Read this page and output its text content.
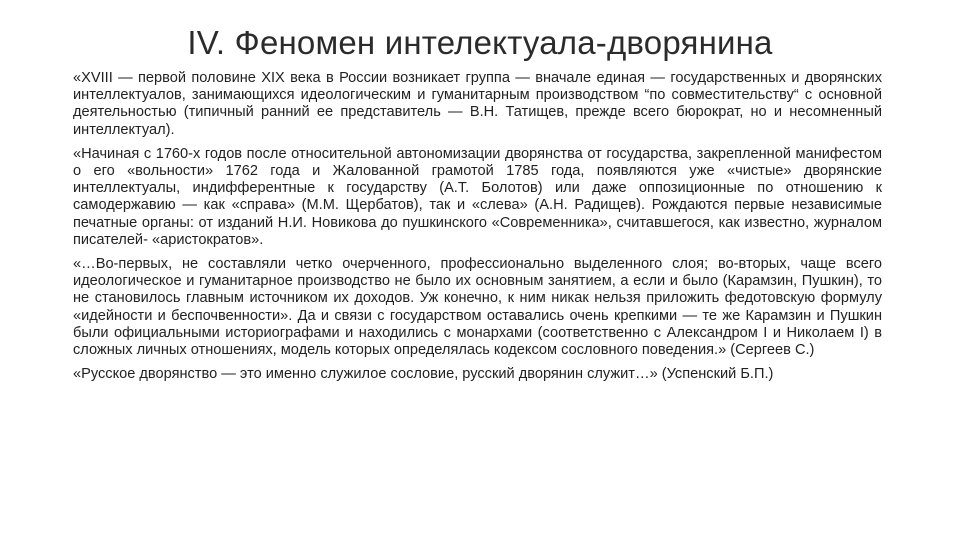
IV. Феномен интелектуала-дворянина

«XVIII — первой половине XIX века в России возникает группа — вначале единая — государственных и дворянских интеллектуалов, занимающихся идеологическим и гуманитарным производством “по совместительству“ с основной деятельностью (типичный ранний ее представитель — В.Н. Татищев, прежде всего бюрократ, но и несомненный интеллектуал).

«Начиная с 1760-х годов после относительной автономизации дворянства от государства, закрепленной манифестом о его «вольности» 1762 года и Жалованной грамотой 1785 года, появляются уже «чистые» дворянские интеллектуалы, индифферентные к государству (А.Т. Болотов) или даже оппозиционные по отношению к самодержавию — как «справа» (М.М. Щербатов), так и «слева» (А.Н. Радищев). Рождаются первые независимые печатные органы: от изданий Н.И. Новикова до пушкинского «Современника», считавшегося, как известно, журналом писателей- «аристократов».

«…Во-первых, не составляли четко очерченного, профессионально выделенного слоя; во-вторых, чаще всего идеологическое и гуманитарное производство не было их основным занятием, а если и было (Карамзин, Пушкин), то не становилось главным источником их доходов. Уж конечно, к ним никак нельзя приложить федотовскую формулу «идейности и беспочвенности». Да и связи с государством оставались очень крепкими — те же Карамзин и Пушкин были официальными историографами и находились с монархами (соответственно с Александром I и Николаем I) в сложных личных отношениях, модель которых определялась кодексом сословного поведения.» (Сергеев С.)

«Русское дворянство — это именно служилое сословие, русский дворянин служит…» (Успенский Б.П.)
